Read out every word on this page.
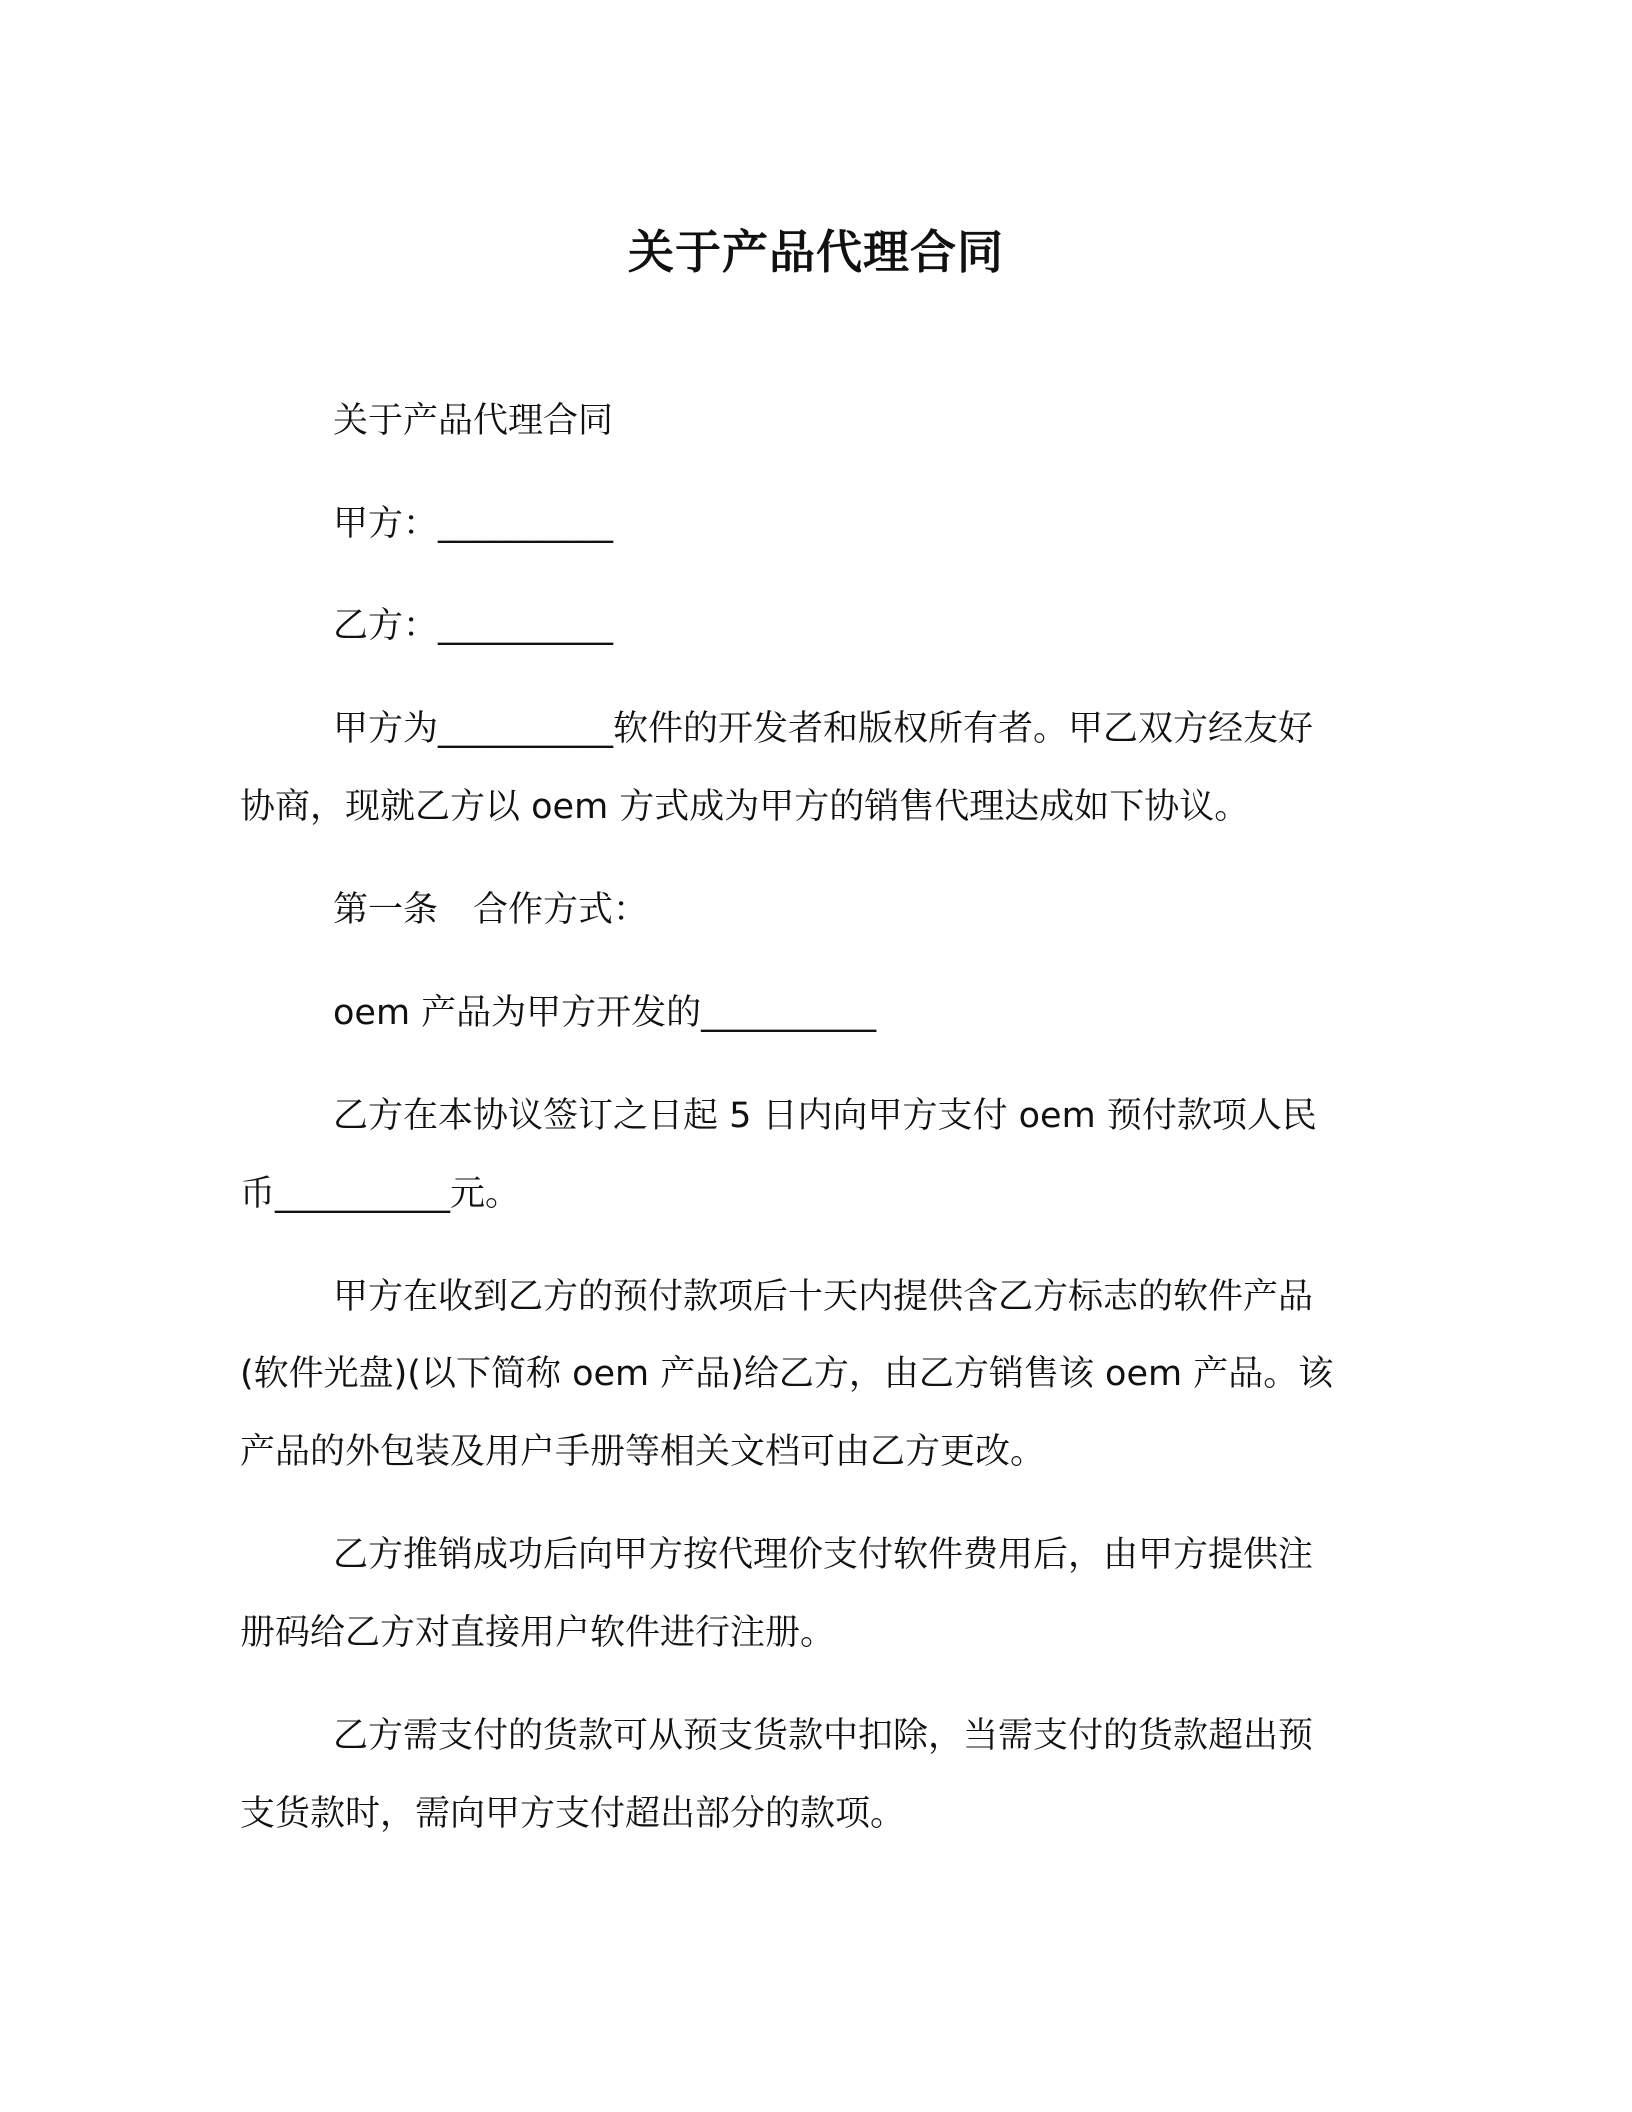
关于产品代理合同
关于产品代理合同
甲方：__________
乙方：__________
甲方为__________软件的开发者和版权所有者。甲乙双方经友好
协商，现就乙方以 oem 方式成为甲方的销售代理达成如下协议。
第一条　合作方式：
oem 产品为甲方开发的__________
乙方在本协议签订之日起 5 日内向甲方支付 oem 预付款项人民
币__________元。
甲方在收到乙方的预付款项后十天内提供含乙方标志的软件产品
(软件光盘)(以下简称 oem 产品)给乙方，由乙方销售该 oem 产品。该
产品的外包装及用户手册等相关文档可由乙方更改。
乙方推销成功后向甲方按代理价支付软件费用后，由甲方提供注
册码给乙方对直接用户软件进行注册。
乙方需支付的货款可从预支货款中扣除，当需支付的货款超出预
支货款时，需向甲方支付超出部分的款项。
